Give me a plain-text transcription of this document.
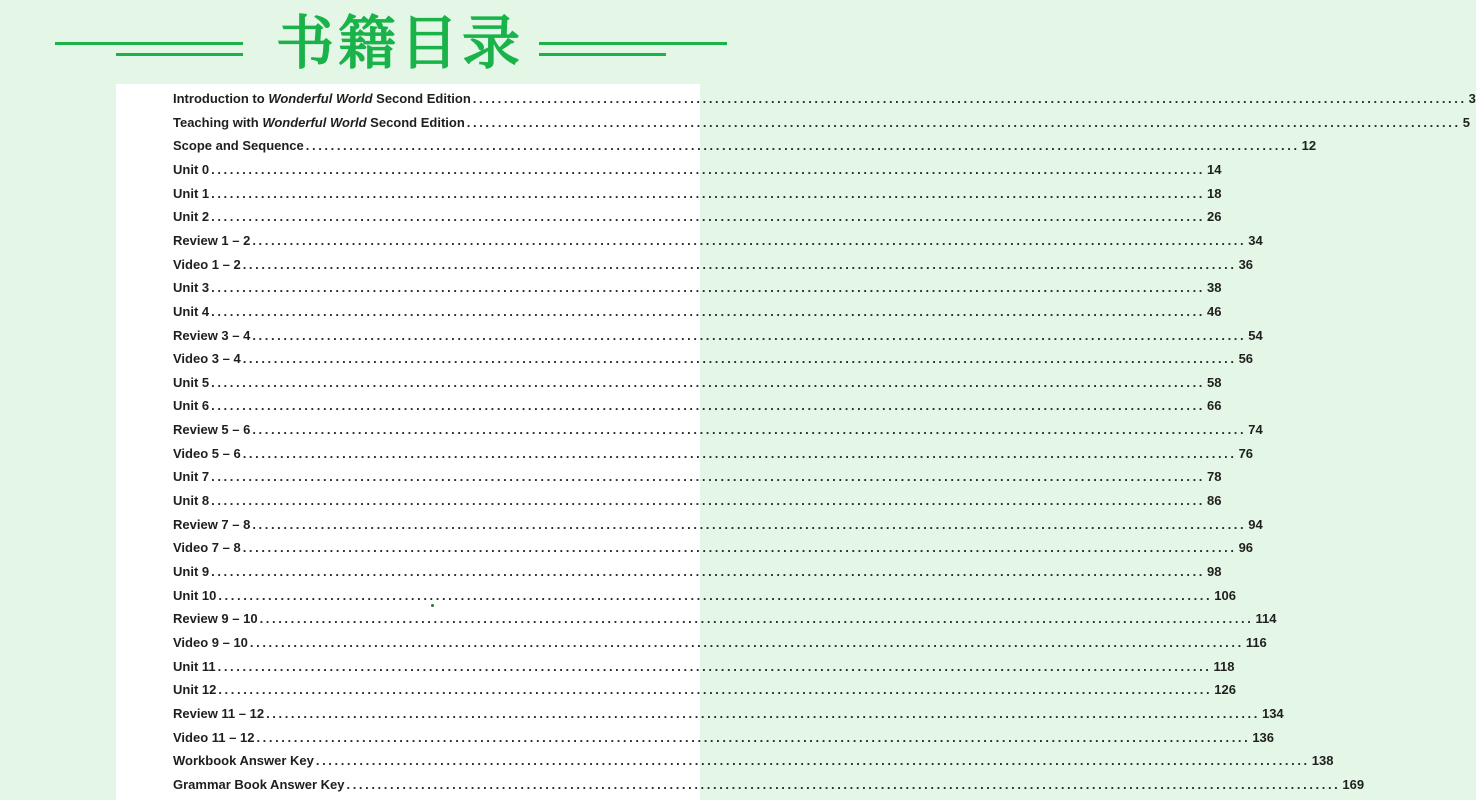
书籍目录
Introduction to Wonderful World Second Edition ................................................................................................................................................................ 3
Teaching with Wonderful World Second Edition ................................................................................................................................................................ 5
Scope and Sequence ................................................................................................................................................................ 12
Unit 0 ................................................................................................................................................................ 14
Unit 1 ................................................................................................................................................................ 18
Unit 2 ................................................................................................................................................................ 26
Review 1 – 2 ................................................................................................................................................................ 34
Video 1 – 2 ................................................................................................................................................................ 36
Unit 3 ................................................................................................................................................................ 38
Unit 4 ................................................................................................................................................................ 46
Review 3 – 4 ................................................................................................................................................................ 54
Video 3 – 4 ................................................................................................................................................................ 56
Unit 5 ................................................................................................................................................................ 58
Unit 6 ................................................................................................................................................................ 66
Review 5 – 6 ................................................................................................................................................................ 74
Video 5 – 6 ................................................................................................................................................................ 76
Unit 7 ................................................................................................................................................................ 78
Unit 8 ................................................................................................................................................................ 86
Review 7 – 8 ................................................................................................................................................................ 94
Video 7 – 8 ................................................................................................................................................................ 96
Unit 9 ................................................................................................................................................................ 98
Unit 10 ................................................................................................................................................................ 106
Review 9 – 10 ................................................................................................................................................................ 114
Video 9 – 10 ................................................................................................................................................................ 116
Unit 11 ................................................................................................................................................................ 118
Unit 12 ................................................................................................................................................................ 126
Review 11 – 12 ................................................................................................................................................................ 134
Video 11 – 12 ................................................................................................................................................................ 136
Workbook Answer Key ................................................................................................................................................................ 138
Grammar Book Answer Key ................................................................................................................................................................ 169
